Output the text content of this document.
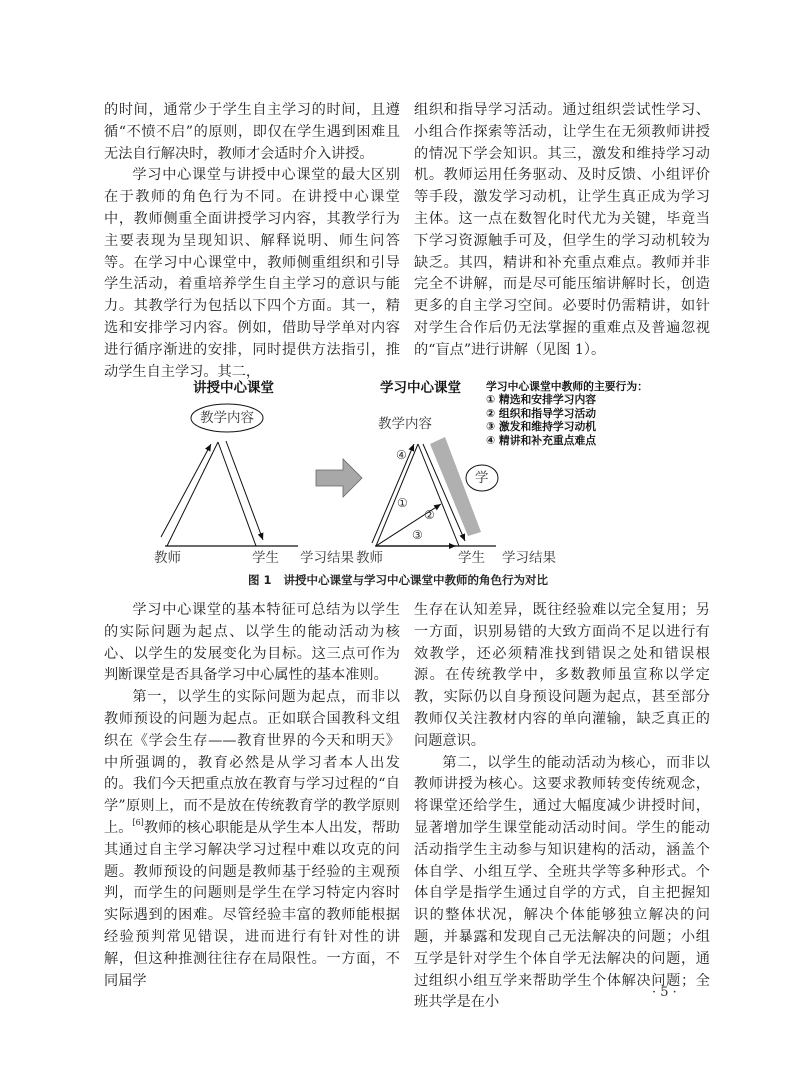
的时间，通常少于学生自主学习的时间，且遵循“不愤不启”的原则，即仅在学生遇到困难且无法自行解决时，教师才会适时介入讲授。

学习中心课堂与讲授中心课堂的最大区别在于教师的角色行为不同。在讲授中心课堂中，教师侧重全面讲授学习内容，其教学行为主要表现为呈现知识、解释说明、师生问答等。在学习中心课堂中，教师侧重组织和引导学生活动，着重培养学生自主学习的意识与能力。其教学行为包括以下四个方面。其一，精选和安排学习内容。例如，借助导学单对内容进行循序渐进的安排，同时提供方法指引，推动学生自主学习。其二，

组织和指导学习活动。通过组织尝试性学习、小组合作探索等活动，让学生在无须教师讲授的情况下学会知识。其三，激发和维持学习动机。教师运用任务驱动、及时反馈、小组评价等手段，激发学习动机，让学生真正成为学习主体。这一点在数智化时代尤为关键，毕竟当下学习资源触手可及，但学生的学习动机较为缺乏。其四，精讲和补充重点难点。教师并非完全不讲解，而是尽可能压缩讲解时长，创造更多的自主学习空间。必要时仍需精讲，如针对学生合作后仍无法掌握的重难点及普遍忽视的“盲点”进行讲解（见图 1）。

讲授中心课堂
教学内容
教师	学生 学习结果
学习中心课堂
教学内容
学
教师	学生 学习结果
①
②
③
④
学习中心课堂中教师的主要行为：
① 精选和安排学习内容
② 组织和指导学习活动
③ 激发和维持学习动机
④ 精讲和补充重点难点
图 1 讲授中心课堂与学习中心课堂中教师的角色行为对比

学习中心课堂的基本特征可总结为以学生的实际问题为起点、以学生的能动活动为核心、以学生的发展变化为目标。这三点可作为判断课堂是否具备学习中心属性的基本准则。

第一，以学生的实际问题为起点，而非以教师预设的问题为起点。正如联合国教科文组织在《学会生存——教育世界的今天和明天》中所强调的，教育必然是从学习者本人出发的。我们今天把重点放在教育与学习过程的“自学”原则上，而不是放在传统教育学的教学原则上。[6]教师的核心职能是从学生本人出发，帮助其通过自主学习解决学习过程中难以攻克的问题。教师预设的问题是教师基于经验的主观预判，而学生的问题则是学生在学习特定内容时实际遇到的困难。尽管经验丰富的教师能根据经验预判常见错误，进而进行有针对性的讲解，但这种推测往往存在局限性。一方面，不同届学

生存在认知差异，既往经验难以完全复用；另一方面，识别易错的大致方面尚不足以进行有效教学，还必须精准找到错误之处和错误根源。在传统教学中，多数教师虽宣称以学定教，实际仍以自身预设问题为起点，甚至部分教师仅关注教材内容的单向灌输，缺乏真正的问题意识。

第二，以学生的能动活动为核心，而非以教师讲授为核心。这要求教师转变传统观念，将课堂还给学生，通过大幅度减少讲授时间，显著增加学生课堂能动活动时间。学生的能动活动指学生主动参与知识建构的活动，涵盖个体自学、小组互学、全班共学等多种形式。个体自学是指学生通过自学的方式，自主把握知识的整体状况，解决个体能够独立解决的问题，并暴露和发现自己无法解决的问题；小组互学是针对学生个体自学无法解决的问题，通过组织小组互学来帮助学生个体解决问题；全班共学是在小

· 5 ·
